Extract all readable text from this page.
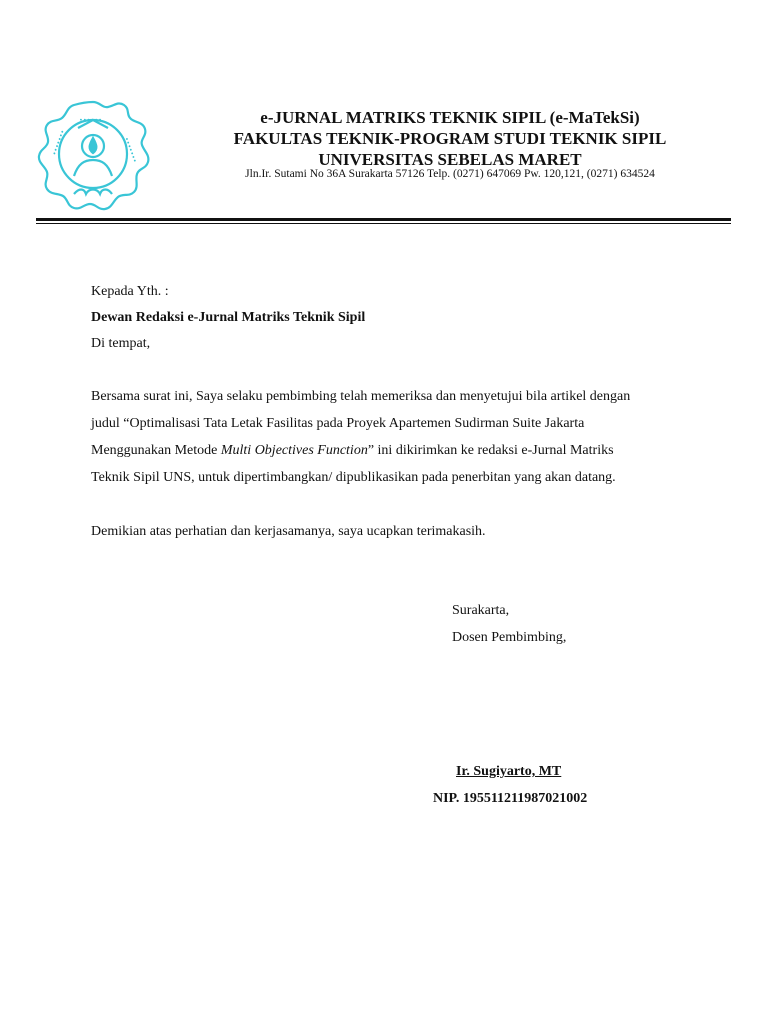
•••••••	•••••••
••••••	e-JURNAL MATRIKS TEKNIK SIPIL (e-MaTekSi)
FAKULTAS TEKNIK-PROGRAM STUDI TEKNIK SIPIL
UNIVERSITAS SEBELAS MARET
Jln.Ir. Sutami No 36A Surakarta 57126 Telp. (0271) 647069 Pw. 120,121, (0271) 634524
Kepada Yth. :
Dewan Redaksi e-Jurnal Matriks Teknik Sipil
Di tempat,
Bersama surat ini, Saya selaku pembimbing telah memeriksa dan menyetujui bila artikel dengan
judul “Optimalisasi Tata Letak Fasilitas pada Proyek Apartemen Sudirman Suite Jakarta
Menggunakan Metode Multi Objectives Function” ini dikirimkan ke redaksi e-Jurnal Matriks
Teknik Sipil UNS, untuk dipertimbangkan/ dipublikasikan pada penerbitan yang akan datang.
Demikian atas perhatian dan kerjasamanya, saya ucapkan terimakasih.
Surakarta,
Dosen Pembimbing,
Ir. Sugiyarto, MT
NIP. 195511211987021002
